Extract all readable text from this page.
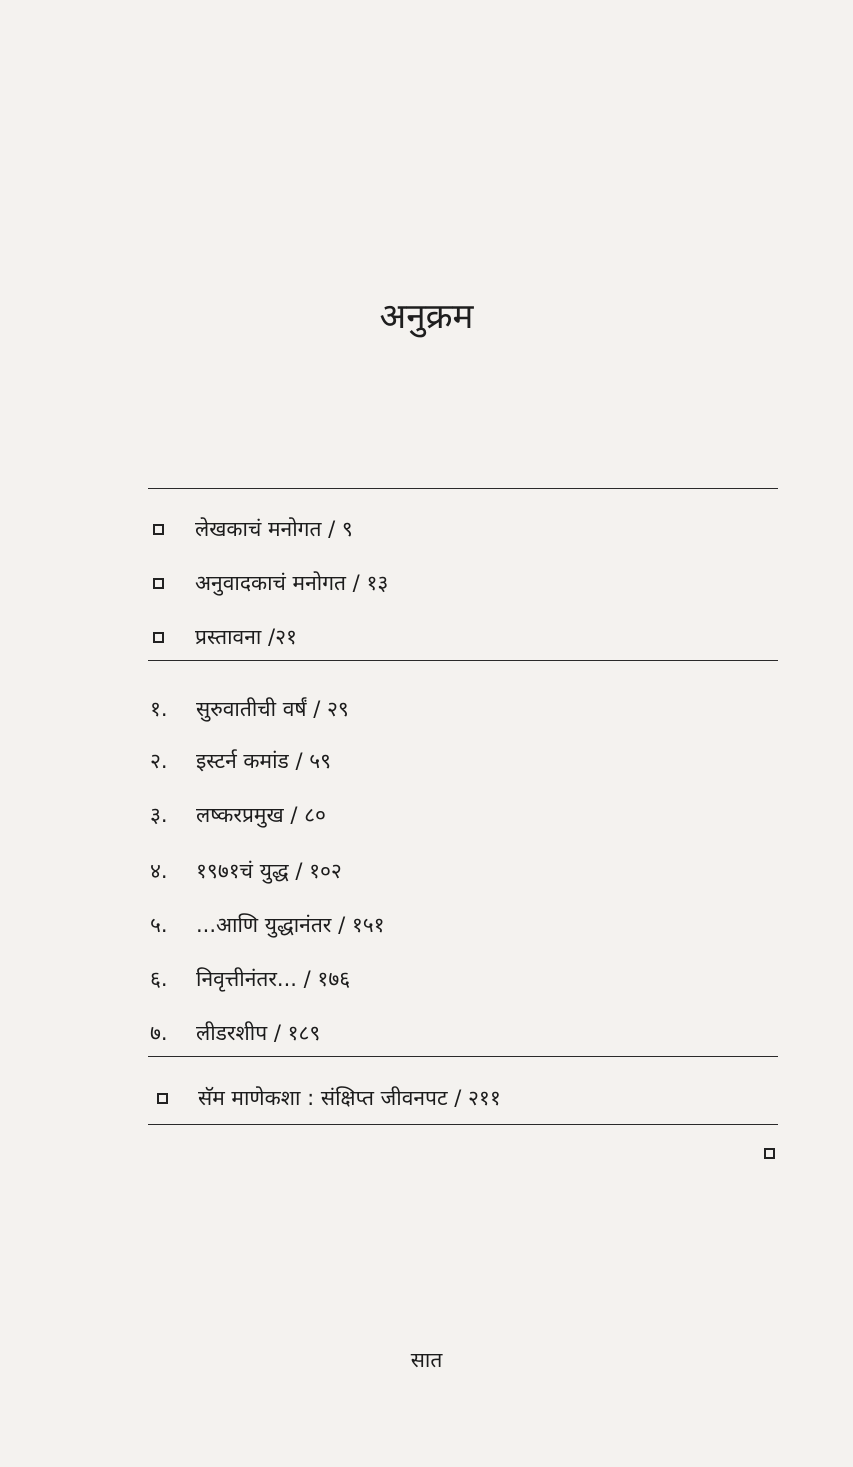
अनुक्रम
लेखकाचं मनोगत / ९
अनुवादकाचं मनोगत / १३
प्रस्तावना /२१
१. सुरुवातीची वर्षं / २९
२. इस्टर्न कमांड / ५९
३. लष्करप्रमुख / ८०
४. १९७१चं युद्ध / १०२
५. ...आणि युद्धानंतर / १५१
६. निवृत्तीनंतर... / १७६
७. लीडरशीप / १८९
सॅम माणेकशा : संक्षिप्त जीवनपट / २११
सात
